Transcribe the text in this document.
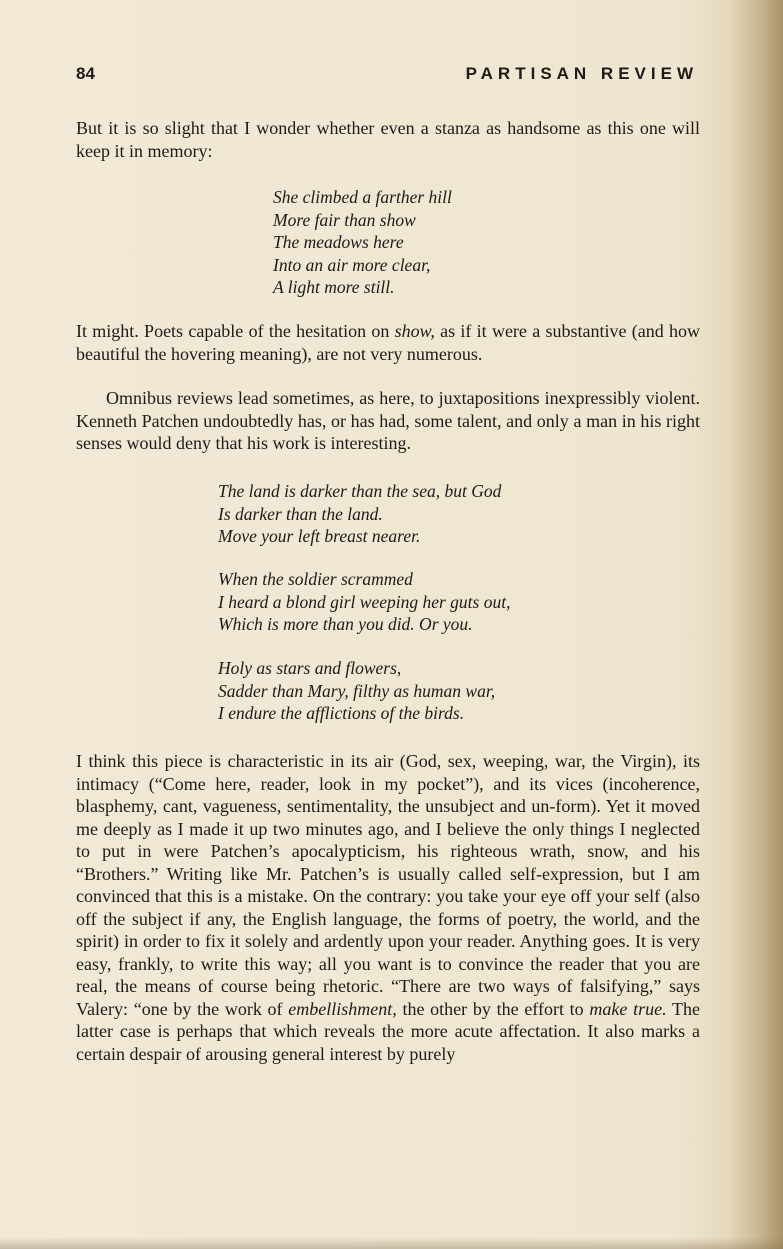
84	PARTISAN REVIEW

But it is so slight that I wonder whether even a stanza as handsome as this one will keep it in memory:

She climbed a farther hill
More fair than show
The meadows here
Into an air more clear,
A light more still.

It might. Poets capable of the hesitation on show, as if it were a substantive (and how beautiful the hovering meaning), are not very numerous.

Omnibus reviews lead sometimes, as here, to juxtapositions inexpressibly violent. Kenneth Patchen undoubtedly has, or has had, some talent, and only a man in his right senses would deny that his work is interesting.

The land is darker than the sea, but God
Is darker than the land.
Move your left breast nearer.
When the soldier scrammed
I heard a blond girl weeping her guts out,
Which is more than you did. Or you.
Holy as stars and flowers,
Sadder than Mary, filthy as human war,
I endure the afflictions of the birds.

I think this piece is characteristic in its air (God, sex, weeping, war, the Virgin), its intimacy (“Come here, reader, look in my pocket”), and its vices (incoherence, blasphemy, cant, vagueness, sentimentality, the unsubject and un-form). Yet it moved me deeply as I made it up two minutes ago, and I believe the only things I neglected to put in were Patchen’s apocalypticism, his righteous wrath, snow, and his “Brothers.” Writing like Mr. Patchen’s is usually called self-expression, but I am convinced that this is a mistake. On the contrary: you take your eye off your self (also off the subject if any, the English language, the forms of poetry, the world, and the spirit) in order to fix it solely and ardently upon your reader. Anything goes. It is very easy, frankly, to write this way; all you want is to convince the reader that you are real, the means of course being rhetoric. “There are two ways of falsifying,” says Valery: “one by the work of embellishment, the other by the effort to make true. The latter case is perhaps that which reveals the more acute affectation. It also marks a certain despair of arousing general interest by purely
